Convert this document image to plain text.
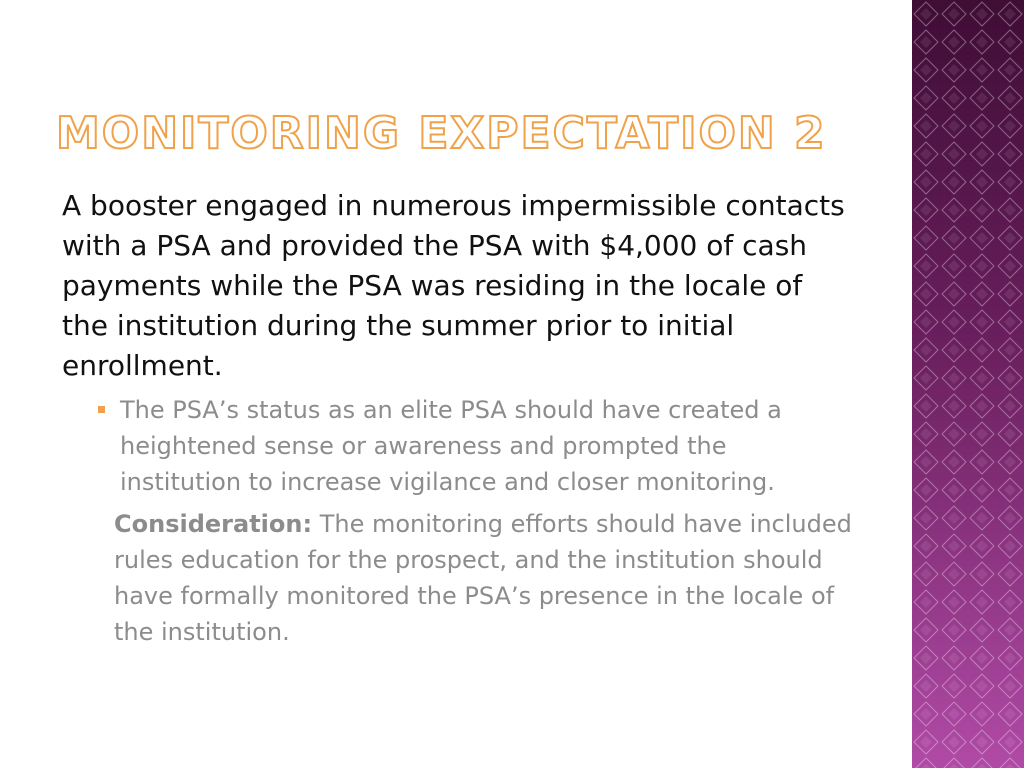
MONITORING EXPECTATION 2

A booster engaged in numerous impermissible contacts with a PSA and provided the PSA with $4,000 of cash payments while the PSA was residing in the locale of the institution during the summer prior to initial enrollment.

The PSA’s status as an elite PSA should have created a heightened sense or awareness and prompted the institution to increase vigilance and closer monitoring.

Consideration: The monitoring efforts should have included rules education for the prospect, and the institution should have formally monitored the PSA’s presence in the locale of the institution.
